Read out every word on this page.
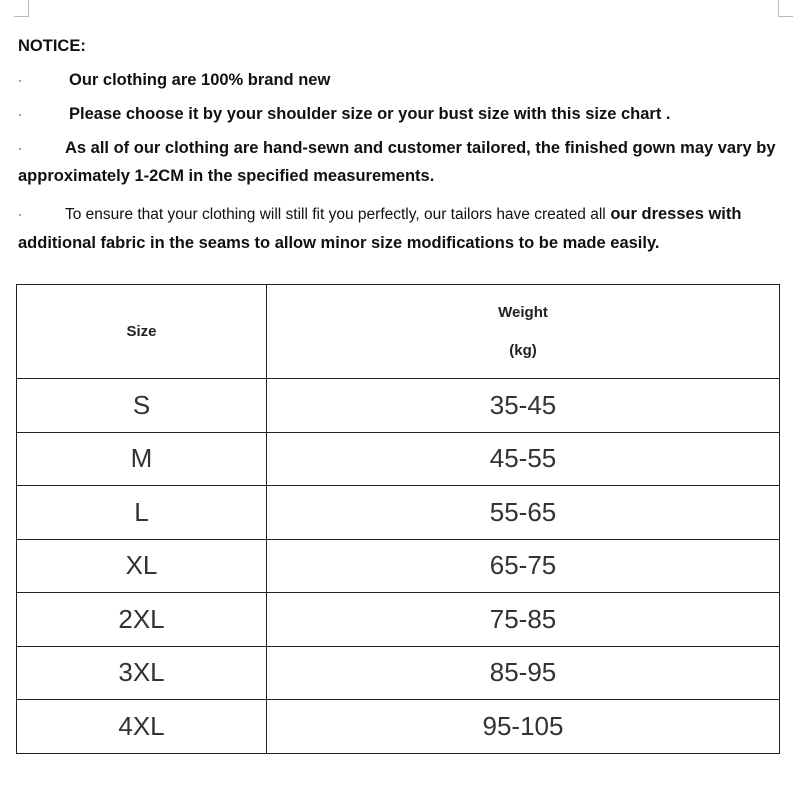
NOTICE:
·	Our clothing are 100% brand new
·	Please choose it by your shoulder size or your bust size with this size chart .
·	As all of our clothing are hand-sewn and customer tailored, the finished gown may vary by approximately 1-2CM in the specified measurements.
·	To ensure that your clothing will still fit you perfectly, our tailors have created all our dresses with additional fabric in the seams to allow minor size modifications to be made easily.
Size	Weight
(kg)

S	35-45
M	45-55
L	55-65
XL	65-75
2XL	75-85
3XL	85-95
4XL	95-105
